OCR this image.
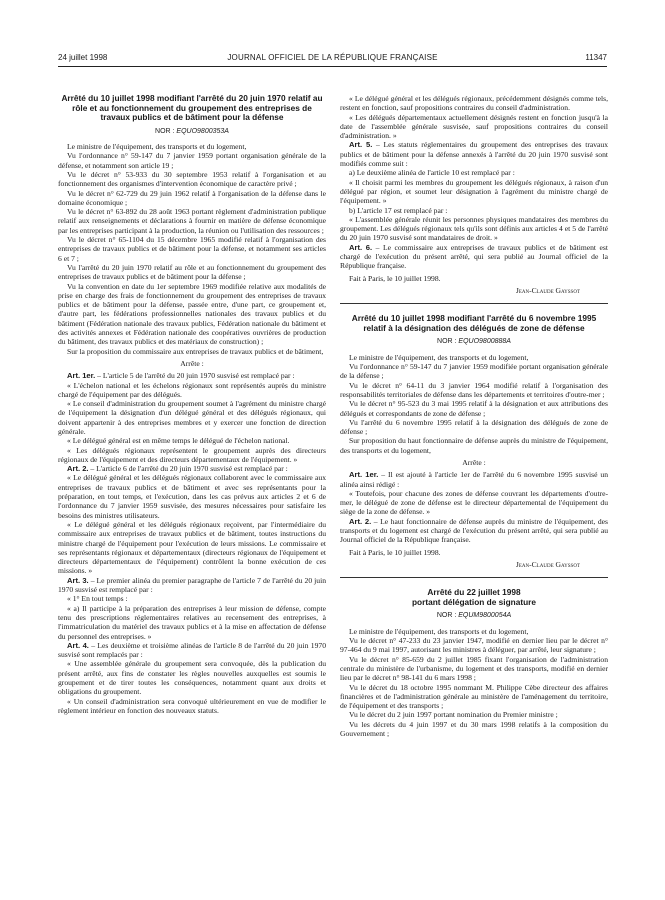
24 juillet 1998	JOURNAL OFFICIEL DE LA RÉPUBLIQUE FRANÇAISE	11347
Arrêté du 10 juillet 1998 modifiant l'arrêté du 20 juin 1970 relatif au rôle et au fonctionnement du groupement des entreprises de travaux publics et de bâtiment pour la défense
NOR : EQUO9800353A

Le ministre de l'équipement, des transports et du logement,

Vu l'ordonnance n° 59-147 du 7 janvier 1959 portant organisation générale de la défense, et notamment son article 19 ;

Vu le décret n° 53-933 du 30 septembre 1953 relatif à l'organisation et au fonctionnement des organismes d'intervention économique de caractère privé ;

Vu le décret n° 62-729 du 29 juin 1962 relatif à l'organisation de la défense dans le domaine économique ;

Vu le décret n° 63-892 du 28 août 1963 portant règlement d'administration publique relatif aux renseignements et déclarations à fournir en matière de défense économique par les entreprises participant à la production, la réunion ou l'utilisation des ressources ;

Vu le décret n° 65-1104 du 15 décembre 1965 modifié relatif à l'organisation des entreprises de travaux publics et de bâtiment pour la défense, et notamment ses articles 6 et 7 ;

Vu l'arrêté du 20 juin 1970 relatif au rôle et au fonctionnement du groupement des entreprises de travaux publics et de bâtiment pour la défense ;

Vu la convention en date du 1er septembre 1969 modifiée relative aux modalités de prise en charge des frais de fonctionnement du groupement des entreprises de travaux publics et de bâtiment pour la défense, passée entre, d'une part, ce groupement et, d'autre part, les fédérations professionnelles nationales des travaux publics et du bâtiment (Fédération nationale des travaux publics, Fédération nationale du bâtiment et des activités annexes et Fédération nationale des coopératives ouvrières de production du bâtiment, des travaux publics et des matériaux de construction) ;

Sur la proposition du commissaire aux entreprises de travaux publics et de bâtiment,

Arrête :

Art. 1er. – L'article 5 de l'arrêté du 20 juin 1970 susvisé est remplacé par :

« L'échelon national et les échelons régionaux sont représentés auprès du ministre chargé de l'équipement par des délégués.

« Le conseil d'administration du groupement soumet à l'agrément du ministre chargé de l'équipement la désignation d'un délégué général et des délégués régionaux, qui doivent appartenir à des entreprises membres et y exercer une fonction de direction générale.

« Le délégué général est en même temps le délégué de l'échelon national.

« Les délégués régionaux représentent le groupement auprès des directeurs régionaux de l'équipement et des directeurs départementaux de l'équipement. »

Art. 2. – L'article 6 de l'arrêté du 20 juin 1970 susvisé est remplacé par :

« Le délégué général et les délégués régionaux collaborent avec le commissaire aux entreprises de travaux publics et de bâtiment et avec ses représentants pour la préparation, en tout temps, et l'exécution, dans les cas prévus aux articles 2 et 6 de l'ordonnance du 7 janvier 1959 susvisée, des mesures nécessaires pour satisfaire les besoins des ministres utilisateurs.

« Le délégué général et les délégués régionaux reçoivent, par l'intermédiaire du commissaire aux entreprises de travaux publics et de bâtiment, toutes instructions du ministre chargé de l'équipement pour l'exécution de leurs missions. Le commissaire et ses représentants régionaux et départementaux (directeurs régionaux de l'équipement et directeurs départementaux de l'équipement) contrôlent la bonne exécution de ces missions. »

Art. 3. – Le premier alinéa du premier paragraphe de l'article 7 de l'arrêté du 20 juin 1970 susvisé est remplacé par :

« 1° En tout temps :

« a) Il participe à la préparation des entreprises à leur mission de défense, compte tenu des prescriptions réglementaires relatives au recensement des entreprises, à l'immatriculation du matériel des travaux publics et à la mise en affectation de défense du personnel des entreprises. »

Art. 4. – Les deuxième et troisième alinéas de l'article 8 de l'arrêté du 20 juin 1970 susvisé sont remplacés par :

« Une assemblée générale du groupement sera convoquée, dès la publication du présent arrêté, aux fins de constater les règles nouvelles auxquelles est soumis le groupement et de tirer toutes les conséquences, notamment quant aux droits et obligations du groupement.

« Un conseil d'administration sera convoqué ultérieurement en vue de modifier le règlement intérieur en fonction des nouveaux statuts.

« Le délégué général et les délégués régionaux, précédemment désignés comme tels, restent en fonction, sauf propositions contraires du conseil d'administration.

« Les délégués départementaux actuellement désignés restent en fonction jusqu'à la date de l'assemblée générale susvisée, sauf propositions contraires du conseil d'administration. »

Art. 5. – Les statuts réglementaires du groupement des entreprises des travaux publics et de bâtiment pour la défense annexés à l'arrêté du 20 juin 1970 susvisé sont modifiés comme suit :

a) Le deuxième alinéa de l'article 10 est remplacé par :

« Il choisit parmi les membres du groupement les délégués régionaux, à raison d'un délégué par région, et soumet leur désignation à l'agrément du ministre chargé de l'équipement. »

b) L'article 17 est remplacé par :

« L'assemblée générale réunit les personnes physiques mandataires des membres du groupement. Les délégués régionaux tels qu'ils sont définis aux articles 4 et 5 de l'arrêté du 20 juin 1970 susvisé sont mandataires de droit. »

Art. 6. – Le commissaire aux entreprises de travaux publics et de bâtiment est chargé de l'exécution du présent arrêté, qui sera publié au Journal officiel de la République française.

Fait à Paris, le 10 juillet 1998.

Jean-Claude Gayssot

Arrêté du 10 juillet 1998 modifiant l'arrêté du 6 novembre 1995 relatif à la désignation des délégués de zone de défense
NOR : EQUO9800888A

Le ministre de l'équipement, des transports et du logement,

Vu l'ordonnance n° 59-147 du 7 janvier 1959 modifiée portant organisation générale de la défense ;

Vu le décret n° 64-11 du 3 janvier 1964 modifié relatif à l'organisation des responsabilités territoriales de défense dans les départements et territoires d'outre-mer ;

Vu le décret n° 95-523 du 3 mai 1995 relatif à la désignation et aux attributions des délégués et correspondants de zone de défense ;

Vu l'arrêté du 6 novembre 1995 relatif à la désignation des délégués de zone de défense ;

Sur proposition du haut fonctionnaire de défense auprès du ministre de l'équipement, des transports et du logement,

Arrête :

Art. 1er. – Il est ajouté à l'article 1er de l'arrêté du 6 novembre 1995 susvisé un alinéa ainsi rédigé :

« Toutefois, pour chacune des zones de défense couvrant les départements d'outre-mer, le délégué de zone de défense est le directeur départemental de l'équipement du siège de la zone de défense. »

Art. 2. – Le haut fonctionnaire de défense auprès du ministre de l'équipement, des transports et du logement est chargé de l'exécution du présent arrêté, qui sera publié au Journal officiel de la République française.

Fait à Paris, le 10 juillet 1998.

Jean-Claude Gayssot

Arrêté du 22 juillet 1998
portant délégation de signature
NOR : EQUM9800054A

Le ministre de l'équipement, des transports et du logement,

Vu le décret n° 47-233 du 23 janvier 1947, modifié en dernier lieu par le décret n° 97-464 du 9 mai 1997, autorisant les ministres à déléguer, par arrêté, leur signature ;

Vu le décret n° 85-659 du 2 juillet 1985 fixant l'organisation de l'administration centrale du ministère de l'urbanisme, du logement et des transports, modifié en dernier lieu par le décret n° 98-141 du 6 mars 1998 ;

Vu le décret du 18 octobre 1995 nommant M. Philippe Cèbe directeur des affaires financières et de l'administration générale au ministère de l'aménagement du territoire, de l'équipement et des transports ;

Vu le décret du 2 juin 1997 portant nomination du Premier ministre ;

Vu les décrets du 4 juin 1997 et du 30 mars 1998 relatifs à la composition du Gouvernement ;
